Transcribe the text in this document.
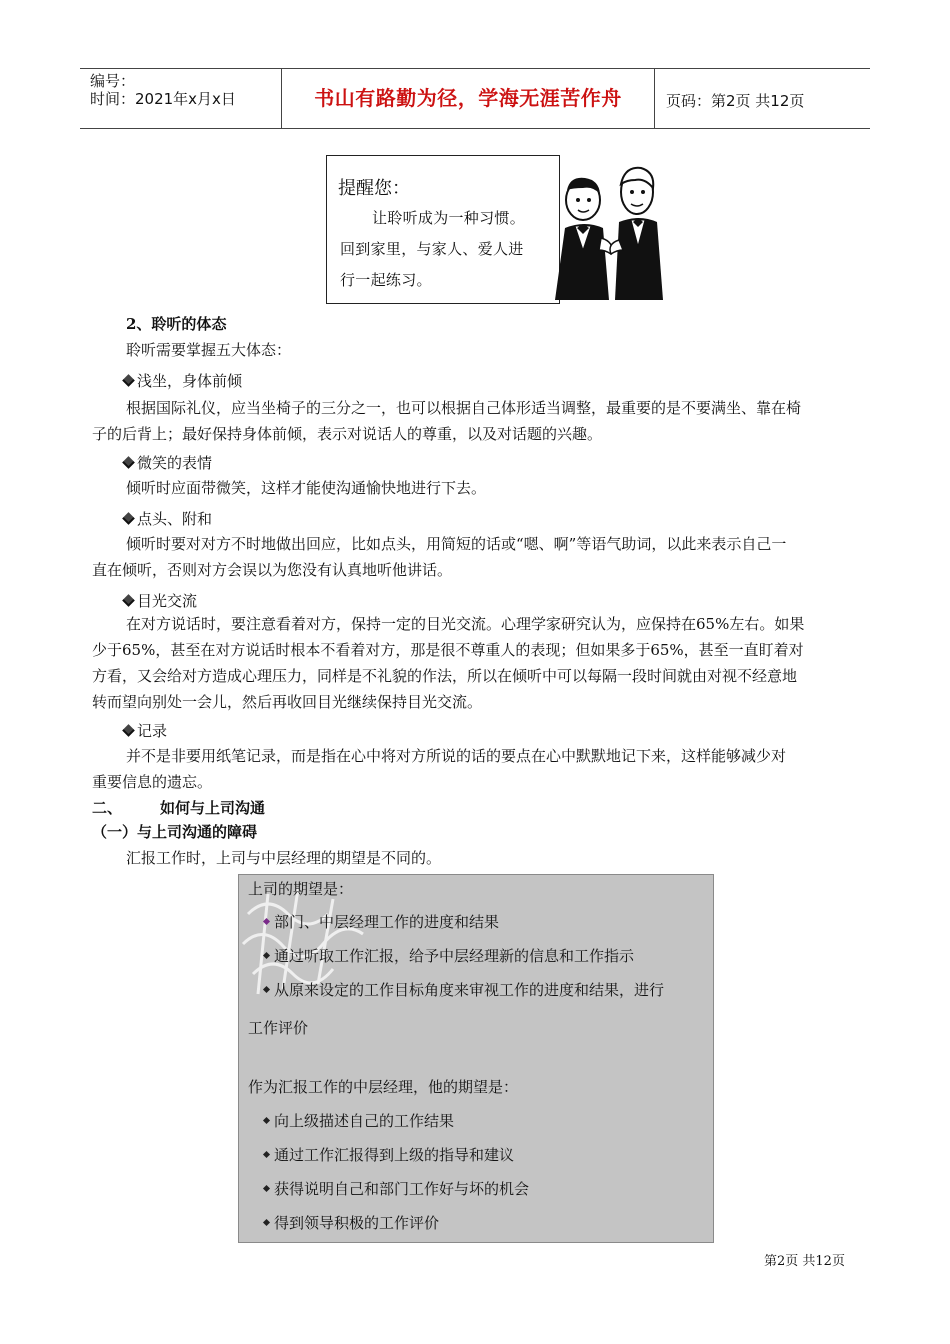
编号：
时间：2021年x月x日	书山有路勤为径，学海无涯苦作舟	页码：第2页 共12页
提醒您：
让聆听成为一种习惯。
回到家里，与家人、爱人进
行一起练习。
2、聆听的体态
聆听需要掌握五大体态：
浅坐，身体前倾
根据国际礼仪，应当坐椅子的三分之一，也可以根据自己体形适当调整，最重要的是不要满坐、靠在椅
子的后背上；最好保持身体前倾，表示对说话人的尊重，以及对话题的兴趣。
微笑的表情
倾听时应面带微笑，这样才能使沟通愉快地进行下去。
点头、附和
倾听时要对对方不时地做出回应，比如点头，用简短的话或“嗯、啊”等语气助词，以此来表示自己一
直在倾听，否则对方会误以为您没有认真地听他讲话。
目光交流
在对方说话时，要注意看着对方，保持一定的目光交流。心理学家研究认为，应保持在65%左右。如果
少于65%，甚至在对方说话时根本不看着对方，那是很不尊重人的表现；但如果多于65%，甚至一直盯着对
方看，又会给对方造成心理压力，同样是不礼貌的作法，所以在倾听中可以每隔一段时间就由对视不经意地
转而望向别处一会儿，然后再收回目光继续保持目光交流。
记录
并不是非要用纸笔记录，而是指在心中将对方所说的话的要点在心中默默地记下来，这样能够减少对
重要信息的遗忘。
二、	如何与上司沟通
（一）与上司沟通的障碍
汇报工作时，上司与中层经理的期望是不同的。
上司的期望是：
部门、中层经理工作的进度和结果
通过听取工作汇报，给予中层经理新的信息和工作指示
从原来设定的工作目标角度来审视工作的进度和结果，进行
工作评价
作为汇报工作的中层经理，他的期望是：
向上级描述自己的工作结果
通过工作汇报得到上级的指导和建议
获得说明自己和部门工作好与坏的机会
得到领导积极的工作评价
第2页 共12页
